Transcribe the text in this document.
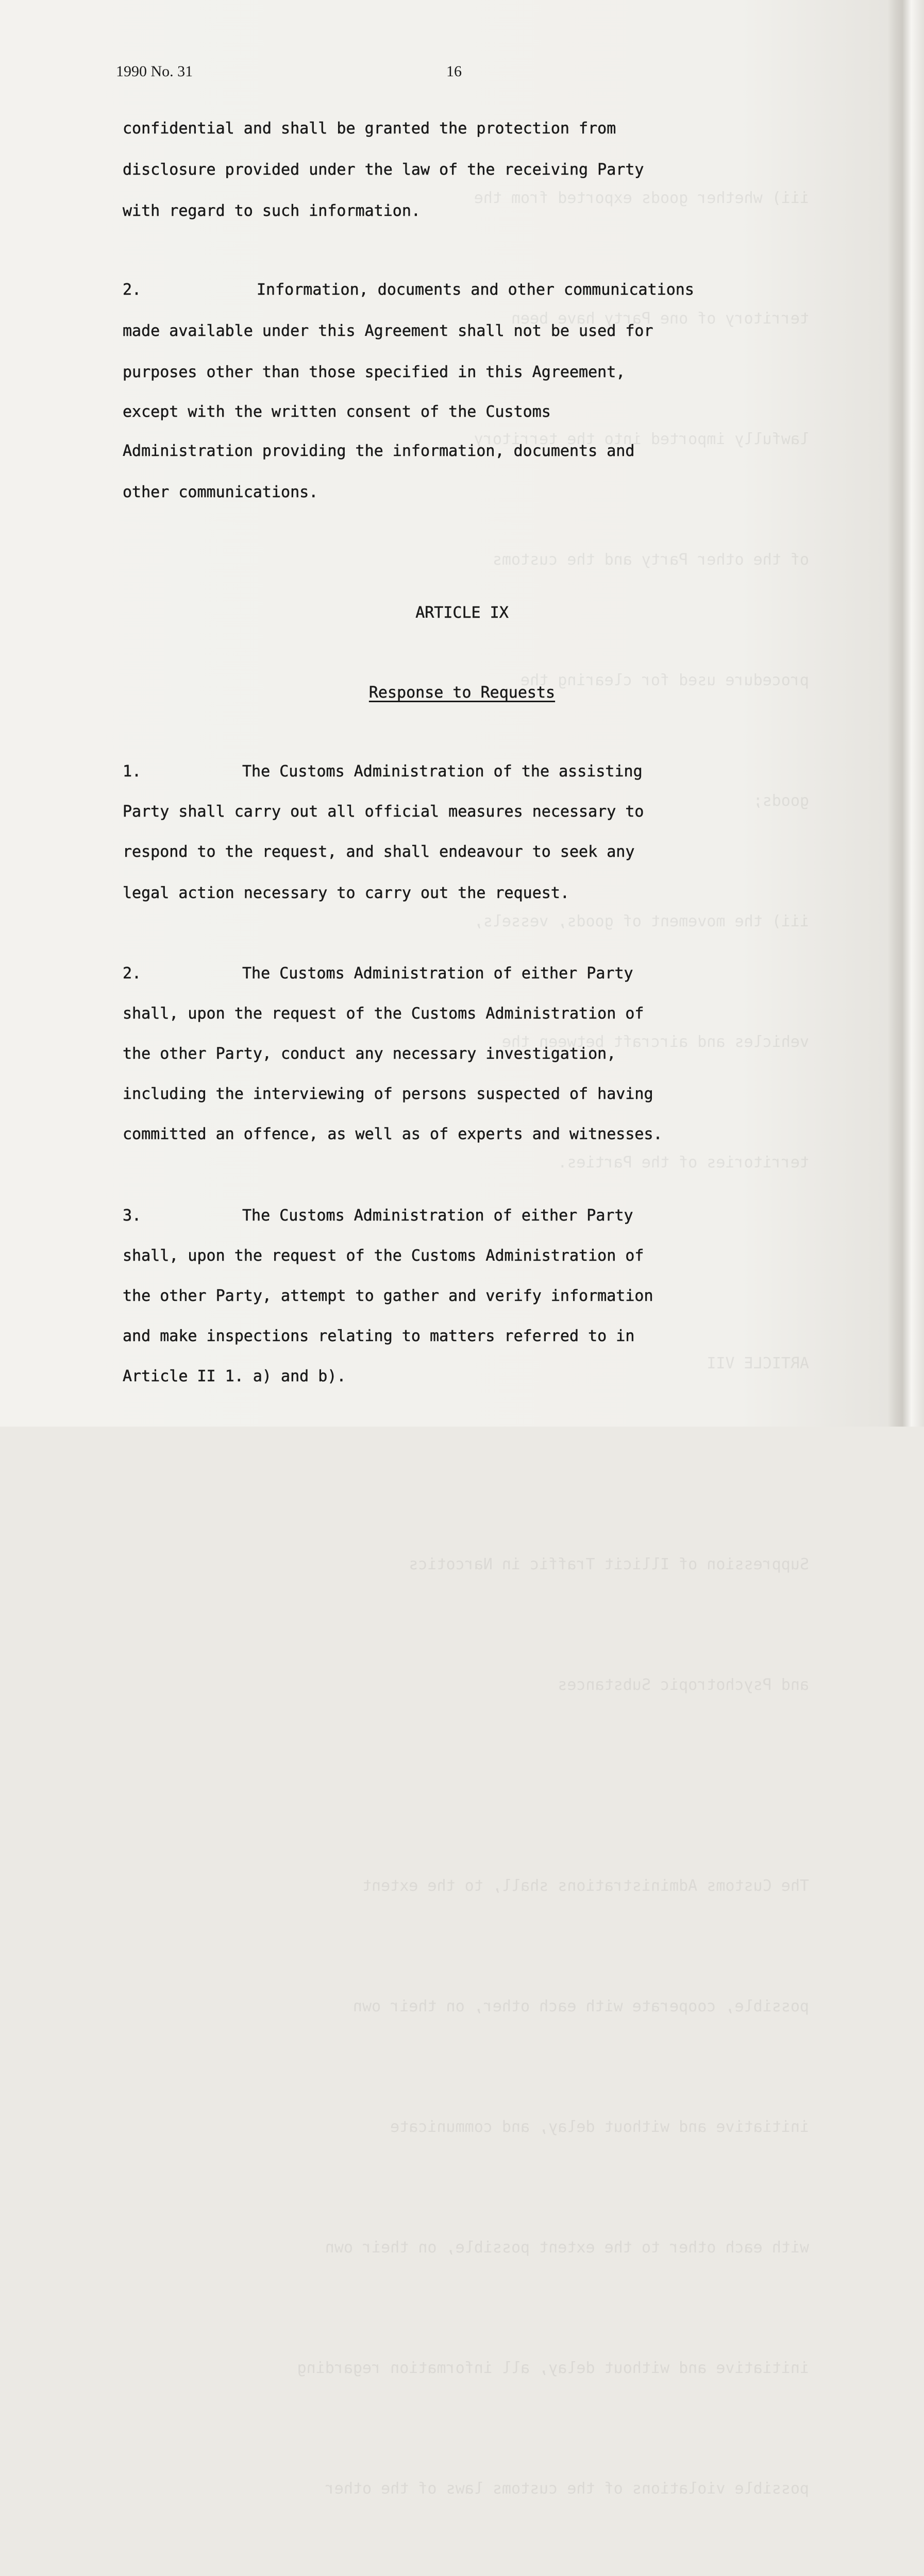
iii) whether goods exported from the

territory of one Party have been

lawfully imported into the territory

of the other Party and the customs

procedure used for clearing the

goods;

iii) the movement of goods, vessels,

vehicles and aircraft between the

territories of the Parties.

ARTICLE VII

Suppression of Illicit Traffic in Narcotics

and Psychotropic Substances

The Customs Administrations shall, to the extent

possible, cooperate with each other, on their own

initiative and without delay, and communicate

with each other to the extent possible, on their own

initiative and without delay, all information regarding

possible violations of the customs laws of the other

1990 No. 31	16
confidential and shall be granted the protection from
disclosure provided under the law of the receiving Party
with regard to such information.
2.	Information, documents and other communications
made available under this Agreement shall not be used for
purposes other than those specified in this Agreement,
except with the written consent of the Customs
Administration providing the information, documents and
other communications.
ARTICLE IX
Response to Requests
1.	The Customs Administration of the assisting
Party shall carry out all official measures necessary to
respond to the request, and shall endeavour to seek any
legal action necessary to carry out the request.
2.	The Customs Administration of either Party
shall, upon the request of the Customs Administration of
the other Party, conduct any necessary investigation,
including the interviewing of persons suspected of having
committed an offence, as well as of experts and witnesses.
3.	The Customs Administration of either Party
shall, upon the request of the Customs Administration of
the other Party, attempt to gather and verify information
and make inspections relating to matters referred to in
Article II 1. a) and b).
